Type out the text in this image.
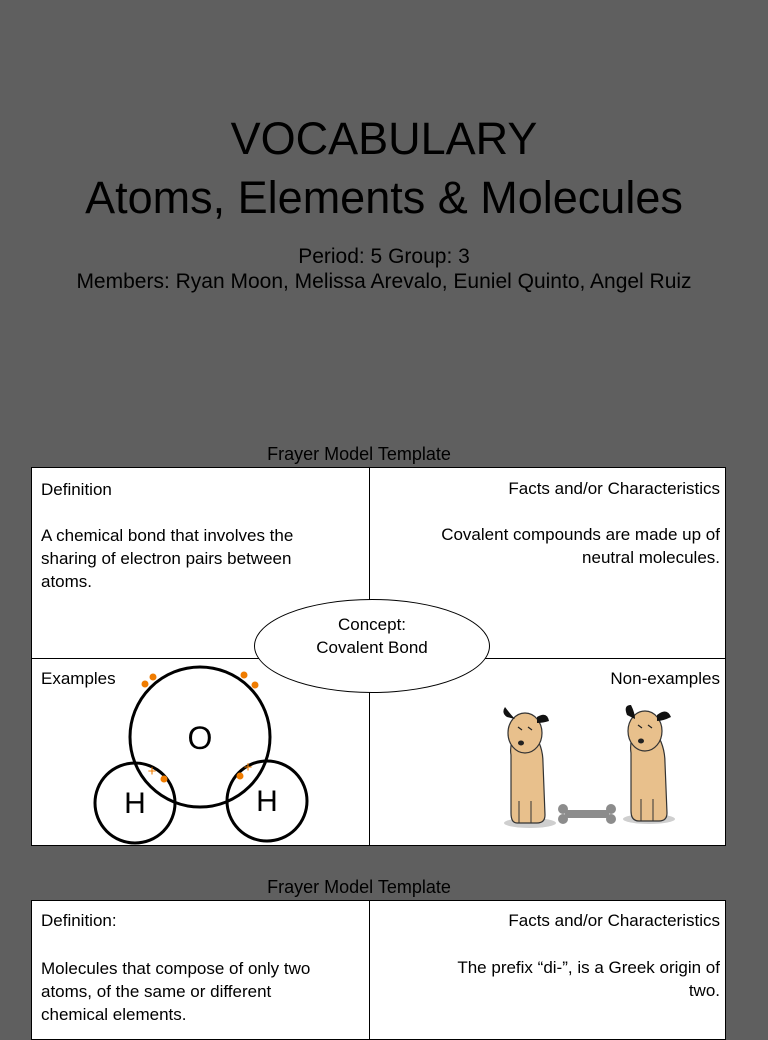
VOCABULARY
Atoms, Elements & Molecules
Period: 5 Group: 3
Members: Ryan Moon, Melissa Arevalo, Euniel Quinto, Angel Ruiz
Frayer Model Template
Definition
A chemical bond that involves the
sharing of electron pairs between
atoms.
Facts and/or Characteristics
Covalent compounds are made up of
neutral molecules.
Examples	Non-examples
O
H	H
+	+
Concept:
Covalent Bond
Frayer Model Template
Definition:
Molecules that compose of only two
atoms, of the same or different
chemical elements.
Facts and/or Characteristics
The prefix “di-”, is a Greek origin of
two.
